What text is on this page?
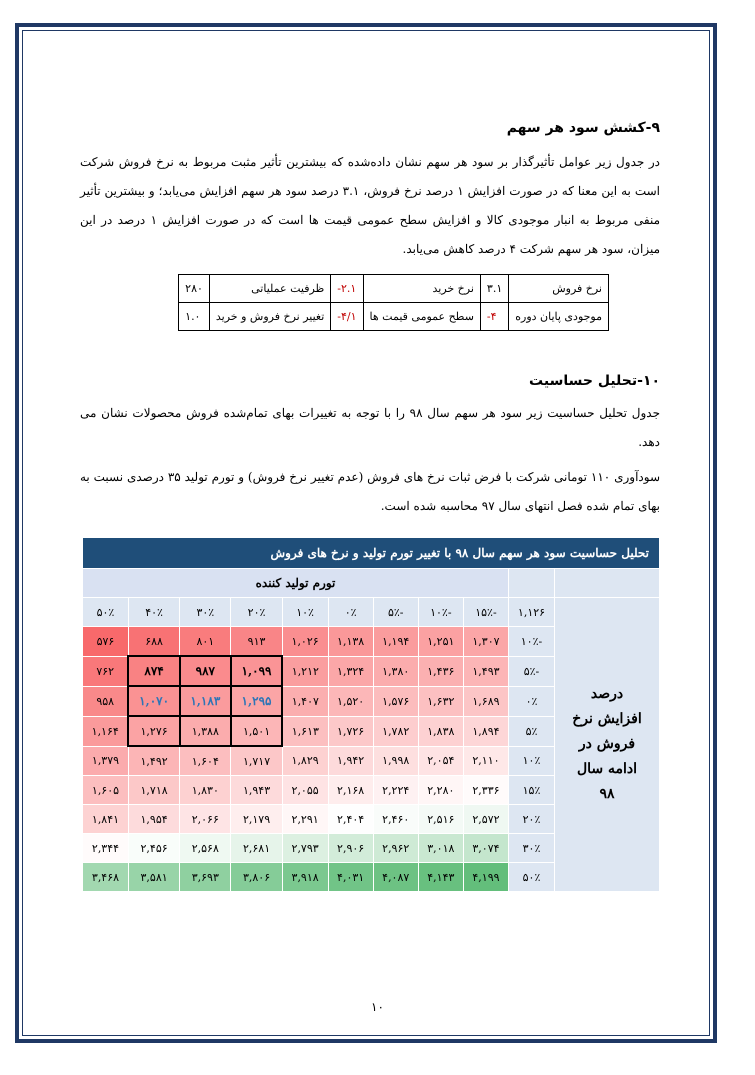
۹-کشش سود هر سهم

در جدول زیر عوامل تأثیرگذار بر سود هر سهم نشان داده‌شده که بیشترین تأثیر مثبت مربوط به نرخ فروش شرکت است به این معنا که در صورت افزایش ۱ درصد نرخ فروش، ۳.۱ درصد سود هر سهم افزایش می‌یابد؛ و بیشترین تأثیر منفی مربوط به انبار موجودی کالا و افزایش سطح عمومی قیمت ها است که در صورت افزایش ۱ درصد در این میزان، سود هر سهم شرکت ۴ درصد کاهش می‌یابد.

نرخ فروش	۳.۱	نرخ خرید	-۲.۱	ظرفیت عملیاتی	۲۸۰
موجودی پایان دوره	-۴	سطح عمومی قیمت ها	-۴/۱	تغییر نرخ فروش و خرید	۱.۰
۱۰-تحلیل حساسیت

جدول تحلیل حساسیت زیر سود هر سهم سال ۹۸ را با توجه به تغییرات بهای تمام‌شده فروش محصولات نشان می دهد.

سودآوری ۱۱۰ تومانی شرکت با فرض ثبات نرخ های فروش (عدم تغییر نرخ فروش) و تورم تولید ۳۵ درصدی نسبت به بهای تمام شده فصل انتهای سال ۹۷ محاسبه شده است.

تحلیل حساسیت سود هر سهم سال ۹۸ با تغییر تورم تولید و نرخ های فروش										
		تورم تولید کننده								

درصد افزایش نرخ فروش در ادامه سال ۹۸	۱,۱۲۶	-۱۵٪	-۱۰٪	-۵٪	۰٪	۱۰٪	۲۰٪	۳۰٪	۴۰٪	۵۰٪
	-۱۰٪	۱,۳۰۷	۱,۲۵۱	۱,۱۹۴	۱,۱۳۸	۱,۰۲۶	۹۱۳	۸۰۱	۶۸۸	۵۷۶
	-۵٪	۱,۴۹۳	۱,۴۳۶	۱,۳۸۰	۱,۳۲۴	۱,۲۱۲	۱,۰۹۹	۹۸۷	۸۷۴	۷۶۲
	۰٪	۱,۶۸۹	۱,۶۳۲	۱,۵۷۶	۱,۵۲۰	۱,۴۰۷	۱,۲۹۵	۱,۱۸۳	۱,۰۷۰	۹۵۸
	۵٪	۱,۸۹۴	۱,۸۳۸	۱,۷۸۲	۱,۷۲۶	۱,۶۱۳	۱,۵۰۱	۱,۳۸۸	۱,۲۷۶	۱,۱۶۴
	۱۰٪	۲,۱۱۰	۲,۰۵۴	۱,۹۹۸	۱,۹۴۲	۱,۸۲۹	۱,۷۱۷	۱,۶۰۴	۱,۴۹۲	۱,۳۷۹
	۱۵٪	۲,۳۳۶	۲,۲۸۰	۲,۲۲۴	۲,۱۶۸	۲,۰۵۵	۱,۹۴۳	۱,۸۳۰	۱,۷۱۸	۱,۶۰۵
	۲۰٪	۲,۵۷۲	۲,۵۱۶	۲,۴۶۰	۲,۴۰۴	۲,۲۹۱	۲,۱۷۹	۲,۰۶۶	۱,۹۵۴	۱,۸۴۱
	۳۰٪	۳,۰۷۴	۳,۰۱۸	۲,۹۶۲	۲,۹۰۶	۲,۷۹۳	۲,۶۸۱	۲,۵۶۸	۲,۴۵۶	۲,۳۴۴
	۵۰٪	۴,۱۹۹	۴,۱۴۳	۴,۰۸۷	۴,۰۳۱	۳,۹۱۸	۳,۸۰۶	۳,۶۹۳	۳,۵۸۱	۳,۴۶۸
۱۰
